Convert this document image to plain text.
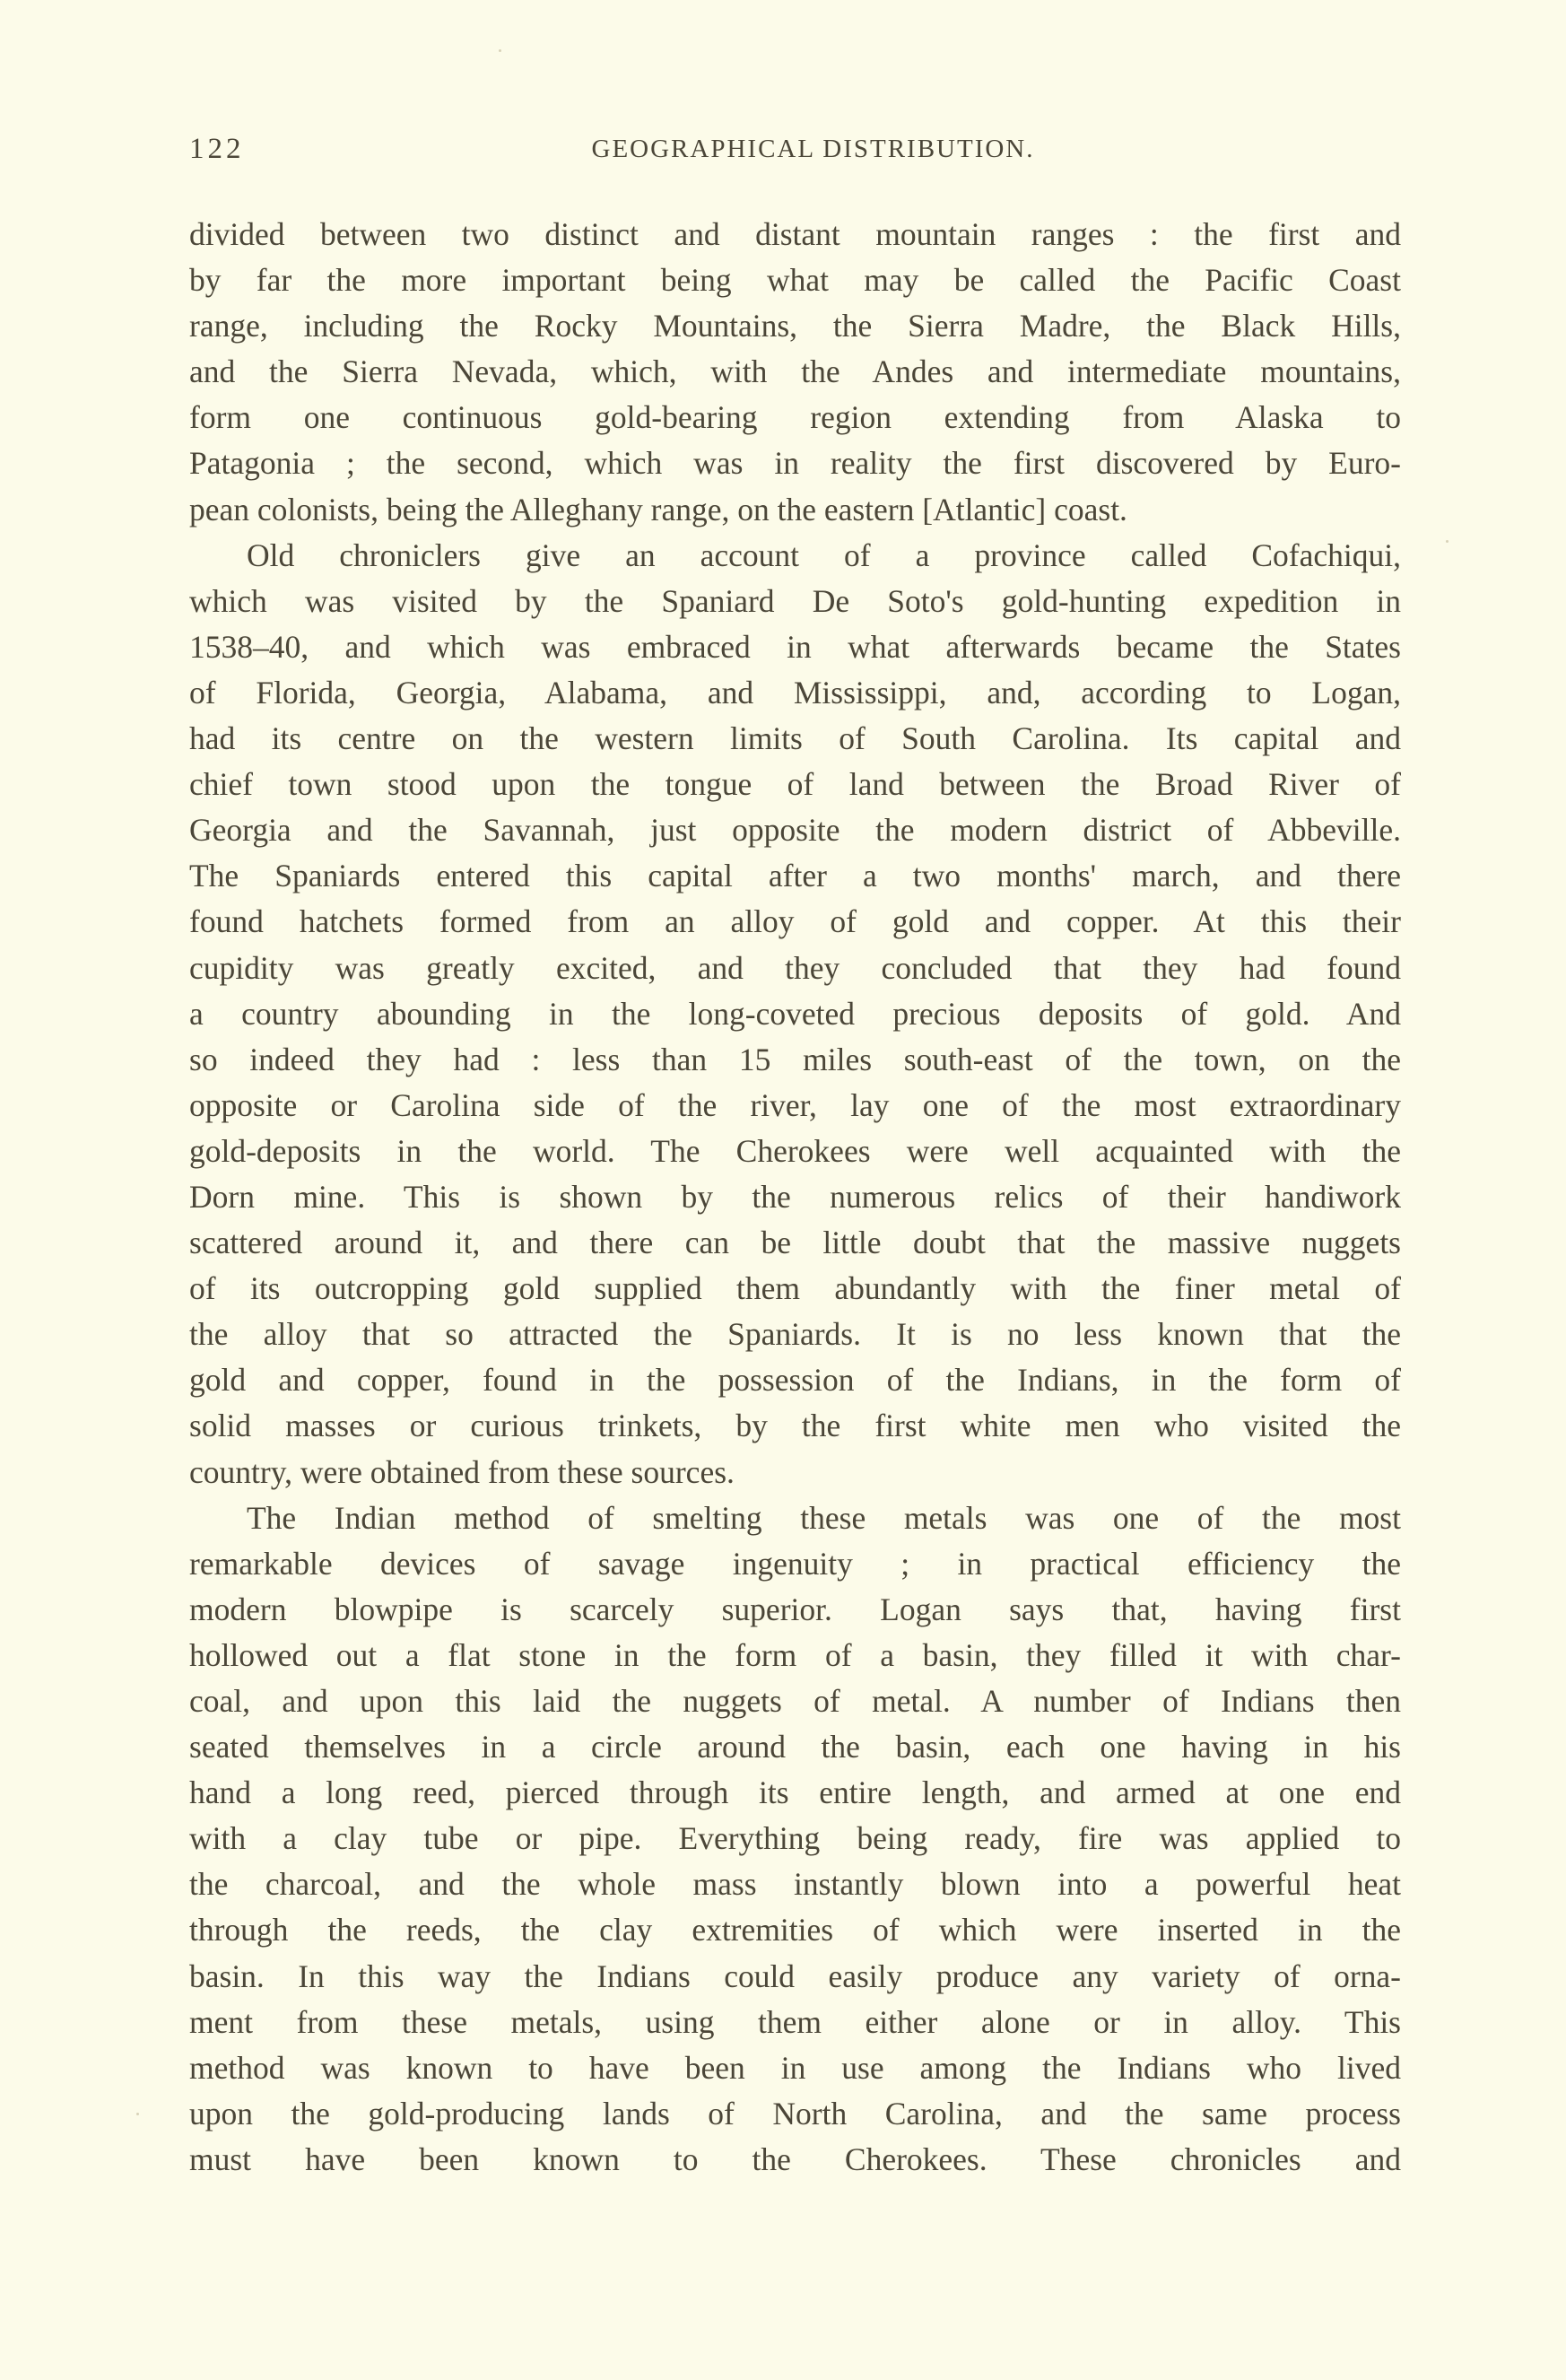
122	GEOGRAPHICAL DISTRIBUTION.
divided between two distinct and distant mountain ranges : the first and
by far the more important being what may be called the Pacific Coast
range, including the Rocky Mountains, the Sierra Madre, the Black Hills,
and the Sierra Nevada, which, with the Andes and intermediate mountains,
form one continuous gold-bearing region extending from Alaska to
Patagonia ; the second, which was in reality the first discovered by Euro-
pean colonists, being the Alleghany range, on the eastern [Atlantic] coast.
Old chroniclers give an account of a province called Cofachiqui,
which was visited by the Spaniard De Soto's gold-hunting expedition in
1538–40, and which was embraced in what afterwards became the States
of Florida, Georgia, Alabama, and Mississippi, and, according to Logan,
had its centre on the western limits of South Carolina. Its capital and
chief town stood upon the tongue of land between the Broad River of
Georgia and the Savannah, just opposite the modern district of Abbeville.
The Spaniards entered this capital after a two months' march, and there
found hatchets formed from an alloy of gold and copper. At this their
cupidity was greatly excited, and they concluded that they had found
a country abounding in the long-coveted precious deposits of gold. And
so indeed they had : less than 15 miles south-east of the town, on the
opposite or Carolina side of the river, lay one of the most extraordinary
gold-deposits in the world. The Cherokees were well acquainted with the
Dorn mine. This is shown by the numerous relics of their handiwork
scattered around it, and there can be little doubt that the massive nuggets
of its outcropping gold supplied them abundantly with the finer metal of
the alloy that so attracted the Spaniards. It is no less known that the
gold and copper, found in the possession of the Indians, in the form of
solid masses or curious trinkets, by the first white men who visited the
country, were obtained from these sources.
The Indian method of smelting these metals was one of the most
remarkable devices of savage ingenuity ; in practical efficiency the
modern blowpipe is scarcely superior. Logan says that, having first
hollowed out a flat stone in the form of a basin, they filled it with char-
coal, and upon this laid the nuggets of metal. A number of Indians then
seated themselves in a circle around the basin, each one having in his
hand a long reed, pierced through its entire length, and armed at one end
with a clay tube or pipe. Everything being ready, fire was applied to
the charcoal, and the whole mass instantly blown into a powerful heat
through the reeds, the clay extremities of which were inserted in the
basin. In this way the Indians could easily produce any variety of orna-
ment from these metals, using them either alone or in alloy. This
method was known to have been in use among the Indians who lived
upon the gold-producing lands of North Carolina, and the same process
must have been known to the Cherokees. These chronicles and
